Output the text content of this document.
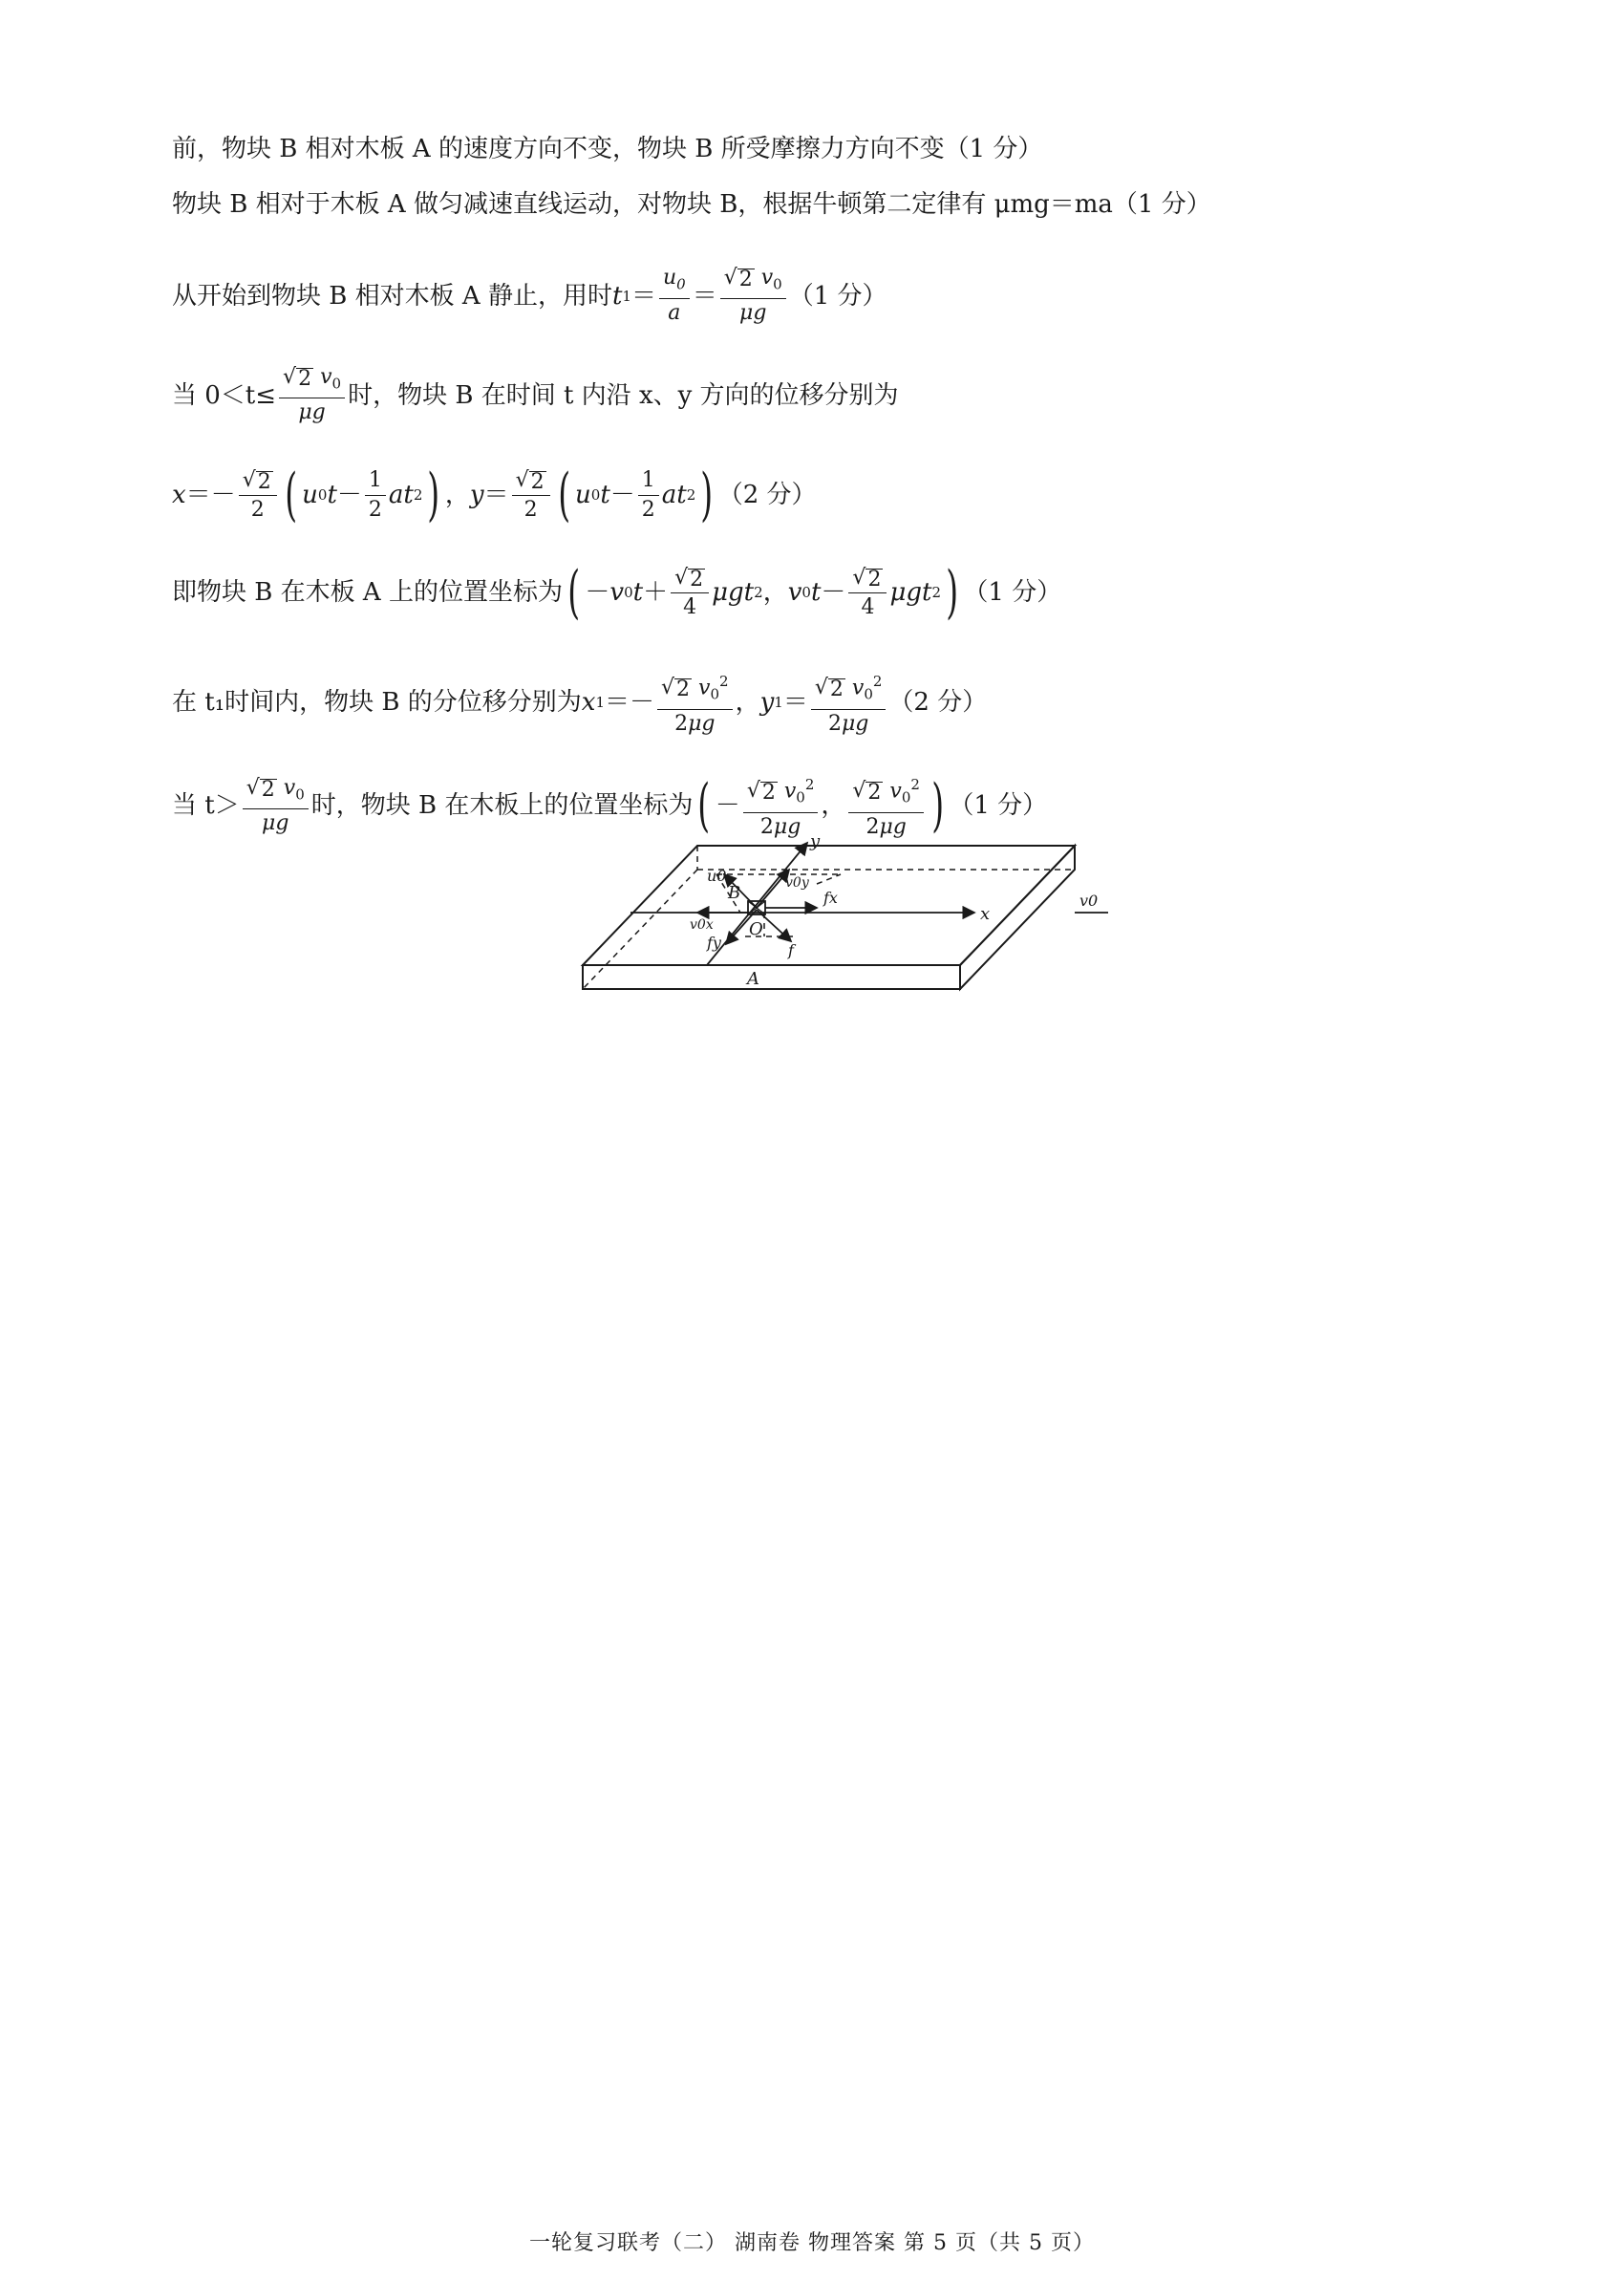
前，物块 B 相对木板 A 的速度方向不变，物块 B 所受摩擦力方向不变（1 分）
物块 B 相对于木板 A 做匀减速直线运动，对物块 B，根据牛顿第二定律有 μmg＝ma（1 分）
从开始到物块 B 相对木板 A 静止，用时 t $1 = \frac{u_0}{a} = \frac{√ 2 v_0}{\mu g} (1$ 分）
当 $0<t\le \frac{√ 2 v_0}{\mu g}$ 时，物块 B 在时间 t 内沿 x、y 方向的位移分别为
$x =- \frac{√ 2}{2}$ ( u 0 $t - \frac{1}{2}$ at 2 ) ， $y = \frac{√ 2}{2}$ ( u 0 $t - \frac{1}{2}$ at 2 ) （2 分）
即物块 B 在木板 A 上的位置坐标为 ( － v 0 $t + \frac{√ 2}{4}$ μgt 2 ， v 0 $t - \frac{√ 2}{4}$ μgt 2 ) （1 分）
在 t₁时间内，物块 B 的分位移分别为 x $1 =- \frac{√ 2 v_0^2}{2\mu g}$ ， y $1 = \frac{√ 2 v_0^2}{2\mu g} (2$ 分）
当 $t> \frac{√ 2 v_0}{\mu g}$ 时，物块 B 在木板上的位置坐标为 ( － $\frac{√ 2 v_0^2}{2\mu g}$ ， $\frac{√ 2 v_0^2}{2\mu g}$ ) （1 分）
y
x
v0
u0
B	v0y
fx
v0x O
fy	f
A
一轮复习联考（二） 湖南卷 物理答案 第 5 页（共 5 页）
